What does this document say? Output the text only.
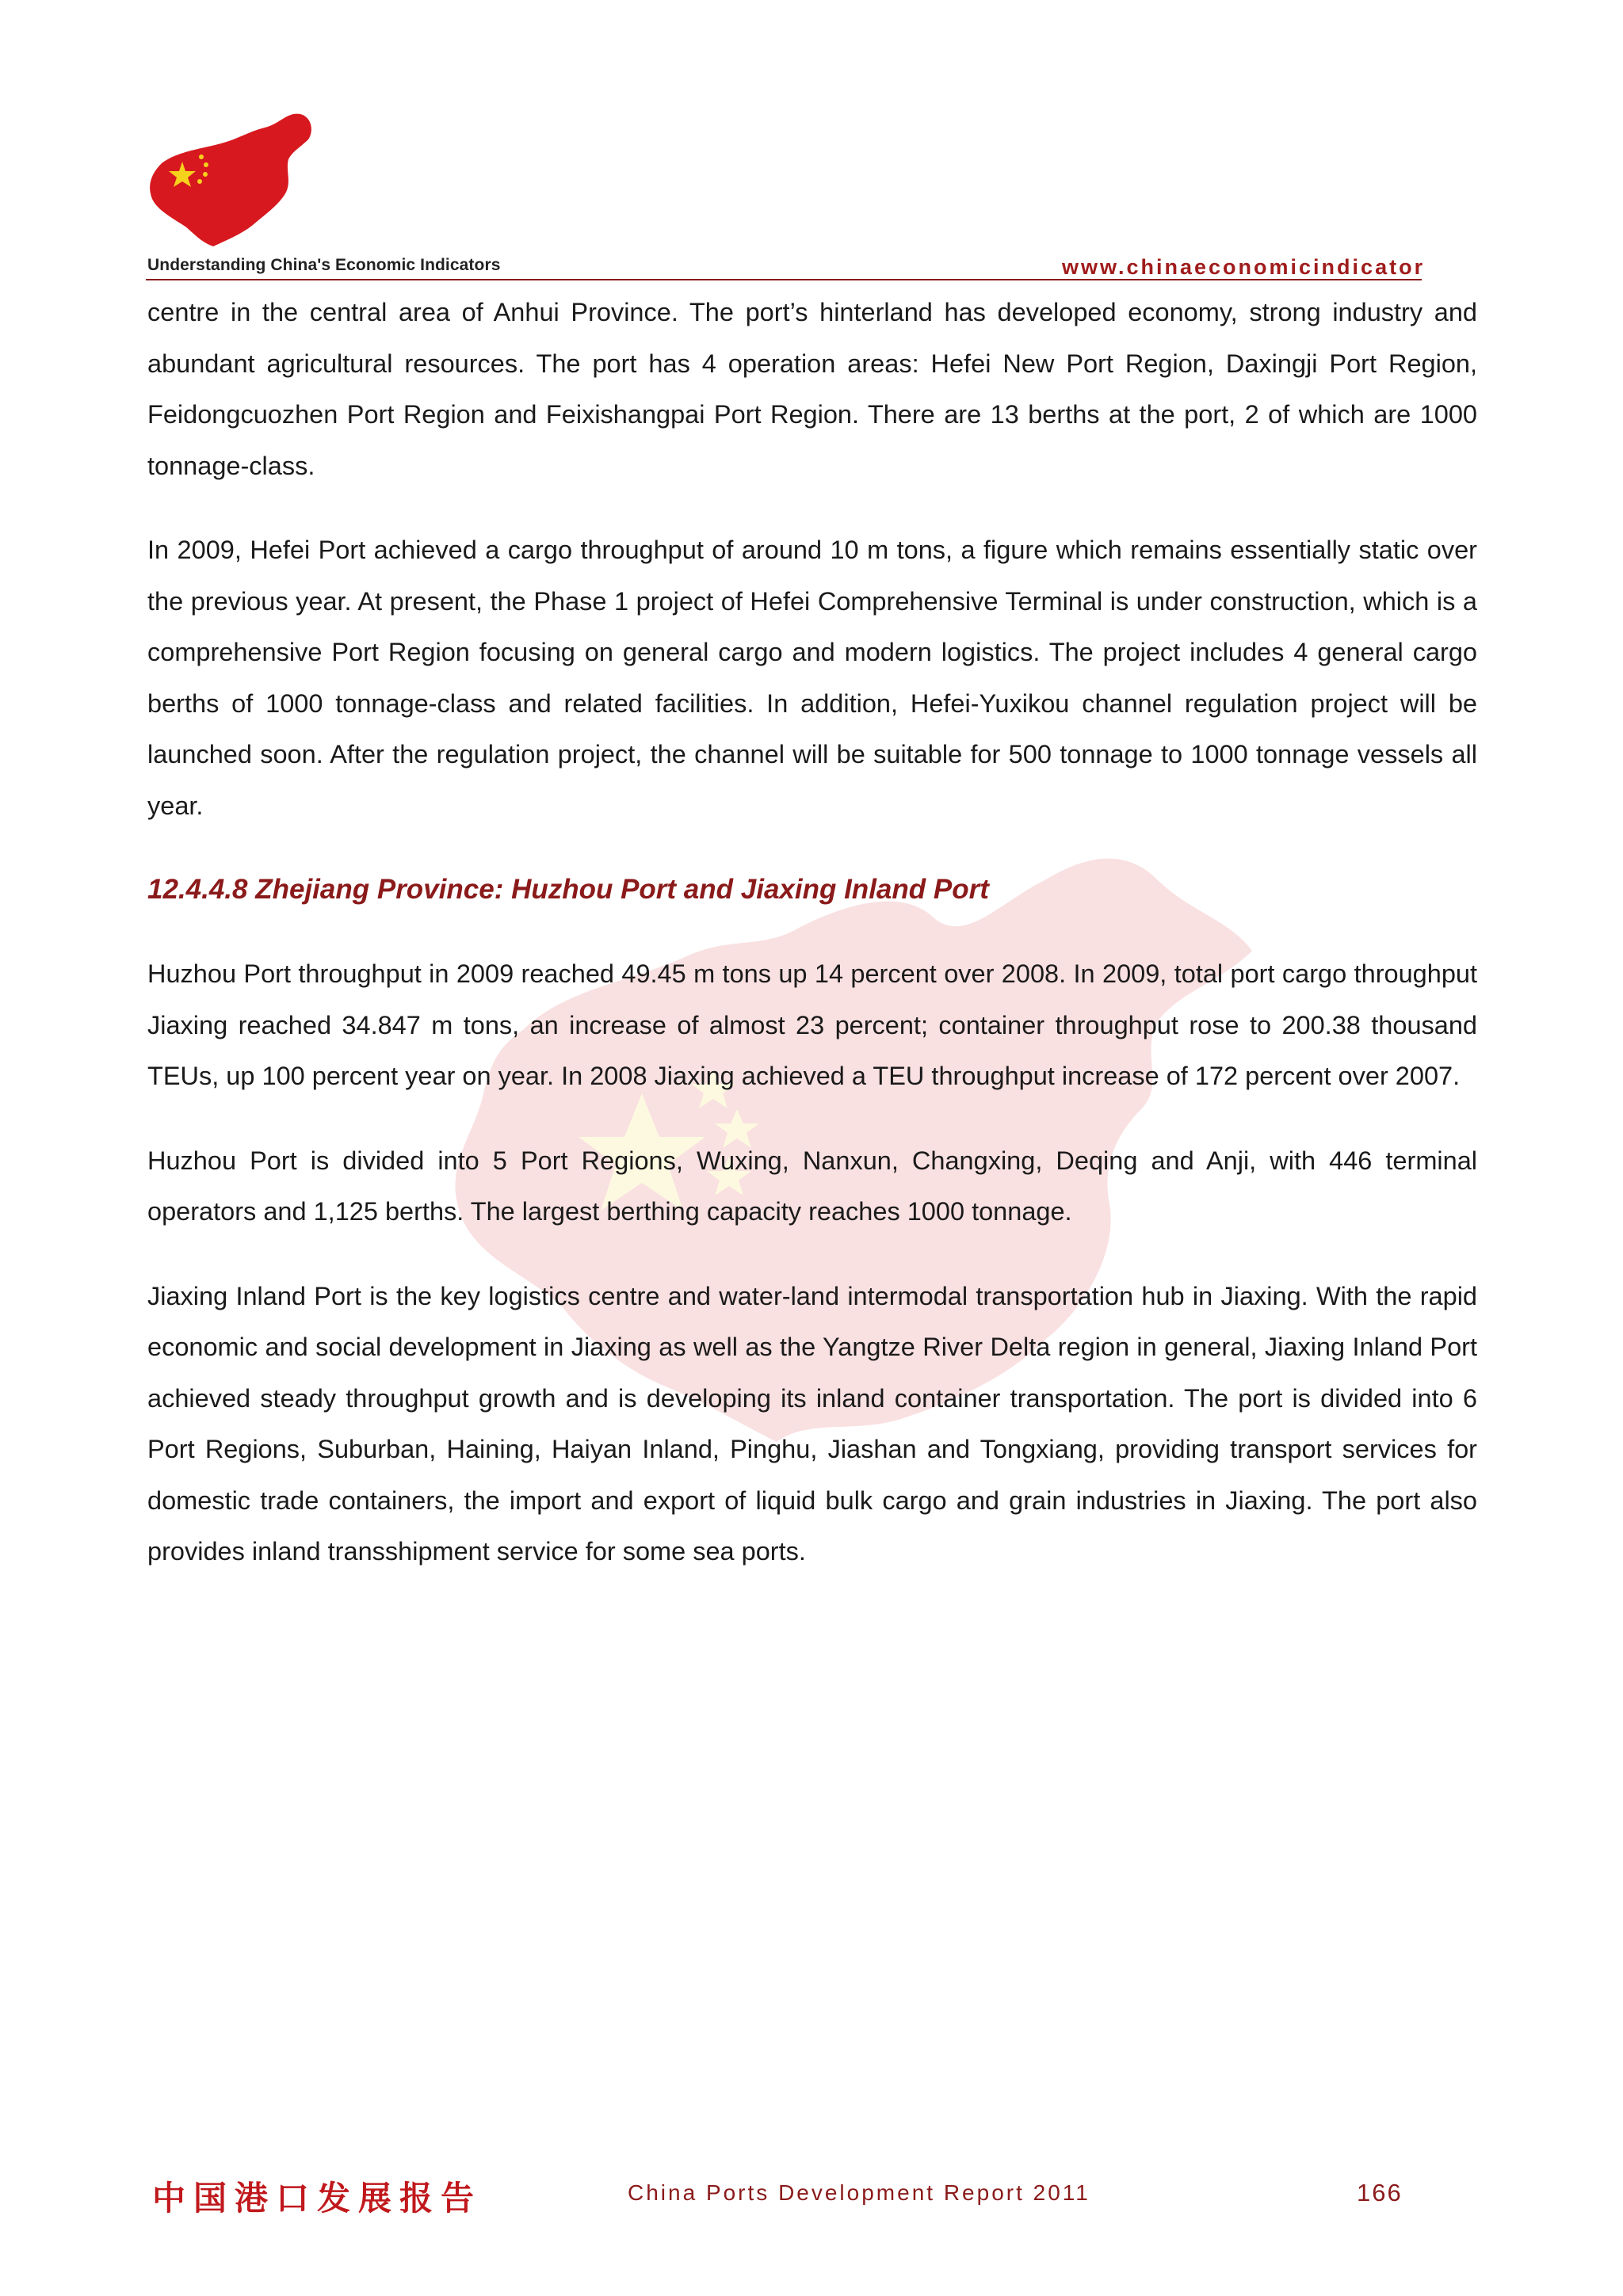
Understanding China's Economic Indicators	www.chinaeconomicindicator

centre in the central area of Anhui Province. The port’s hinterland has developed economy, strong industry and abundant agricultural resources. The port has 4 operation areas: Hefei New Port Region, Daxingji Port Region, Feidongcuozhen Port Region and Feixishangpai Port Region. There are 13 berths at the port, 2 of which are 1000 tonnage-class.

In 2009, Hefei Port achieved a cargo throughput of around 10 m tons, a figure which remains essentially static over the previous year. At present, the Phase 1 project of Hefei Comprehensive Terminal is under construction, which is a comprehensive Port Region focusing on general cargo and modern logistics. The project includes 4 general cargo berths of 1000 tonnage-class and related facilities. In addition, Hefei-Yuxikou channel regulation project will be launched soon. After the regulation project, the channel will be suitable for 500 tonnage to 1000 tonnage vessels all year.

12.4.4.8 Zhejiang Province: Huzhou Port and Jiaxing Inland Port

Huzhou Port throughput in 2009 reached 49.45 m tons up 14 percent over 2008. In 2009, total port cargo throughput Jiaxing reached 34.847 m tons, an increase of almost 23 percent; container throughput rose to 200.38 thousand TEUs, up 100 percent year on year. In 2008 Jiaxing achieved a TEU throughput increase of 172 percent over 2007.

Huzhou Port is divided into 5 Port Regions, Wuxing, Nanxun, Changxing, Deqing and Anji, with 446 terminal operators and 1,125 berths. The largest berthing capacity reaches 1000 tonnage.

Jiaxing Inland Port is the key logistics centre and water-land intermodal transportation hub in Jiaxing. With the rapid economic and social development in Jiaxing as well as the Yangtze River Delta region in general, Jiaxing Inland Port achieved steady throughput growth and is developing its inland container transportation. The port is divided into 6 Port Regions, Suburban, Haining, Haiyan Inland, Pinghu, Jiashan and Tongxiang, providing transport services for domestic trade containers, the import and export of liquid bulk cargo and grain industries in Jiaxing. The port also provides inland transshipment service for some sea ports.

中国港口发展报告	China Ports Development Report 2011	166
